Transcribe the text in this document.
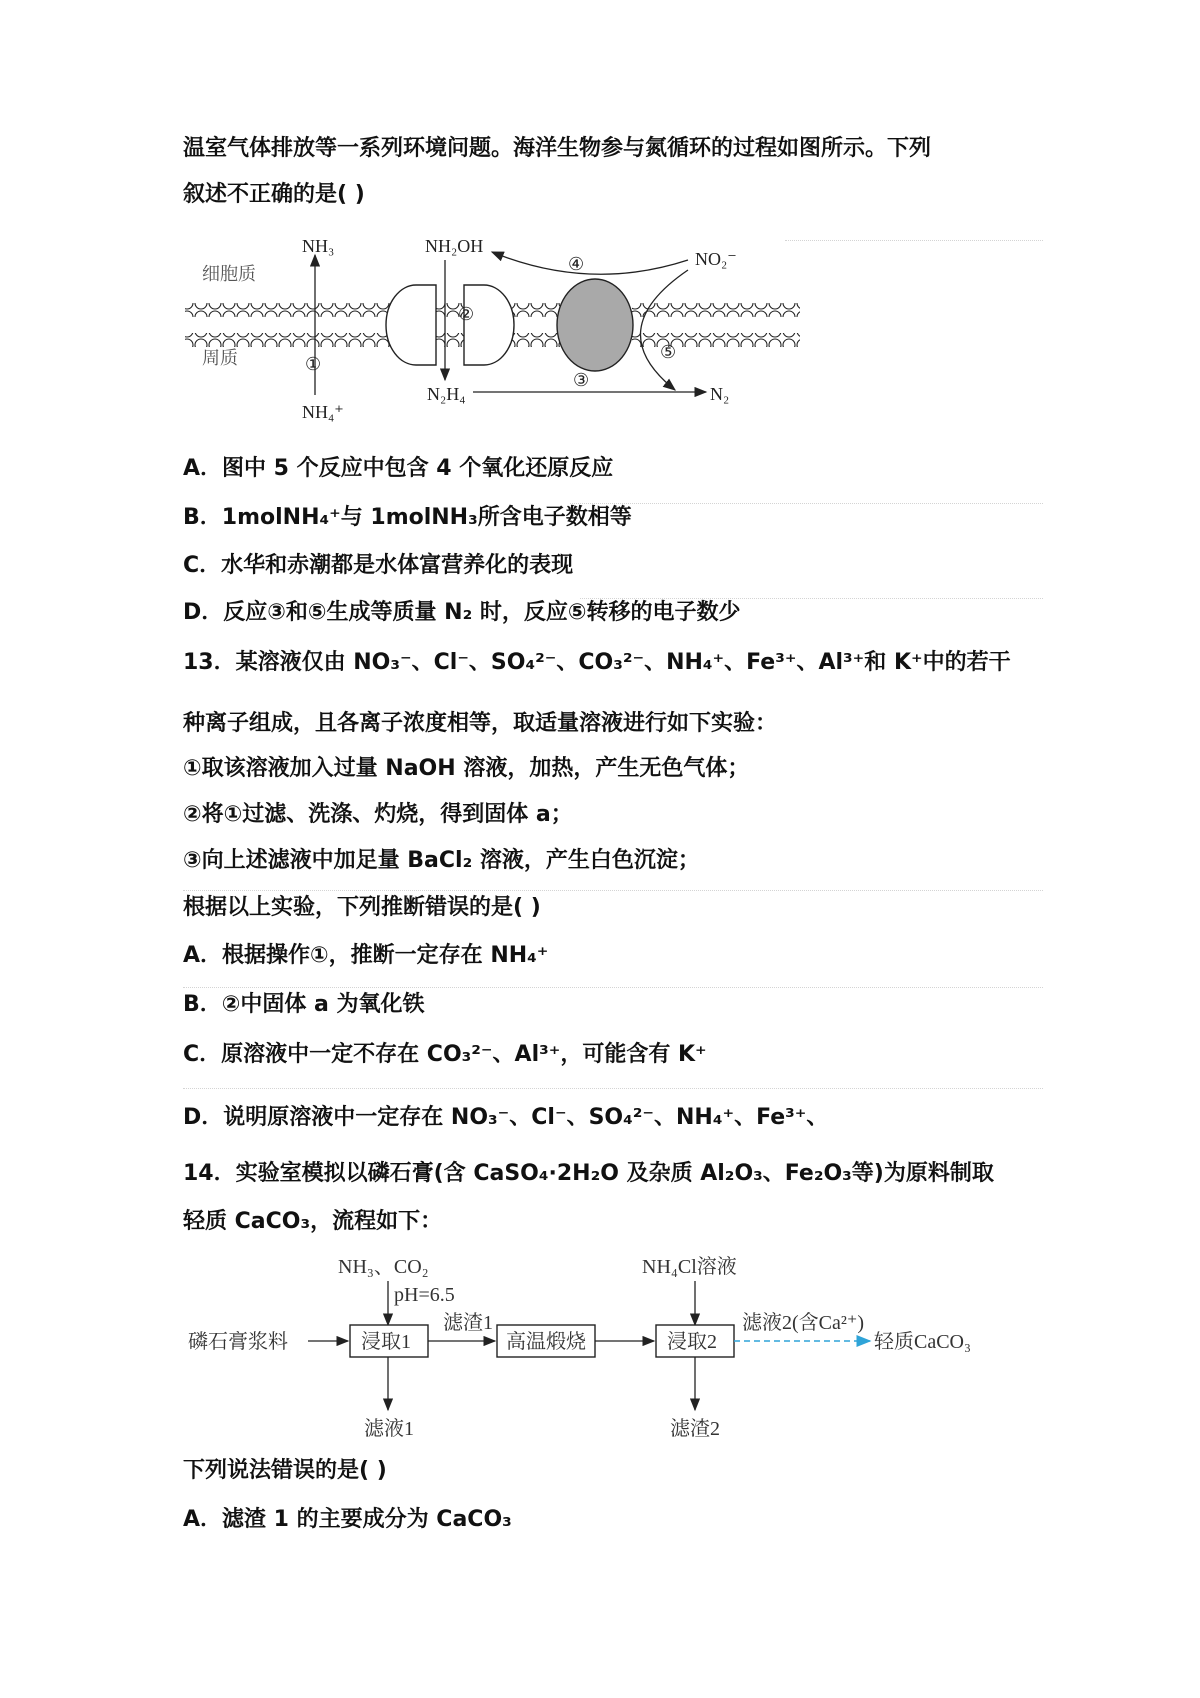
温室气体排放等一系列环境问题。海洋生物参与氮循环的过程如图所示。下列
叙述不正确的是( )
细胞质
周质
NH₃	NH₂OH
NO₂⁻
NH₄⁺
N₂H₄	N₂
①
②
③
④
⑤
A．图中 5 个反应中包含 4 个氧化还原反应
B．1molNH₄⁺与 1molNH₃所含电子数相等
C．水华和赤潮都是水体富营养化的表现
D．反应③和⑤生成等质量 N₂ 时，反应⑤转移的电子数少
13．某溶液仅由 NO₃⁻、Cl⁻、SO₄²⁻、CO₃²⁻、NH₄⁺、Fe³⁺、Al³⁺和 K⁺中的若干
种离子组成，且各离子浓度相等，取适量溶液进行如下实验：
①取该溶液加入过量 NaOH 溶液，加热，产生无色气体；
②将①过滤、洗涤、灼烧，得到固体 a；
③向上述滤液中加足量 BaCl₂ 溶液，产生白色沉淀；
根据以上实验，下列推断错误的是( )
A．根据操作①，推断一定存在 NH₄⁺
B．②中固体 a 为氧化铁
C．原溶液中一定不存在 CO₃²⁻、Al³⁺，可能含有 K⁺
D．说明原溶液中一定存在 NO₃⁻、Cl⁻、SO₄²⁻、NH₄⁺、Fe³⁺、
14．实验室模拟以磷石膏(含 CaSO₄·2H₂O 及杂质 Al₂O₃、Fe₂O₃等)为原料制取
轻质 CaCO₃，流程如下：
NH₃、CO₂
pH=6.5
磷石膏浆料	浸取1
滤渣1
高温煅烧
NH₄Cl溶液
浸取2
滤液2(含Ca²⁺)
轻质CaCO₃
滤液1	滤渣2
下列说法错误的是( )
A．滤渣 1 的主要成分为 CaCO₃
